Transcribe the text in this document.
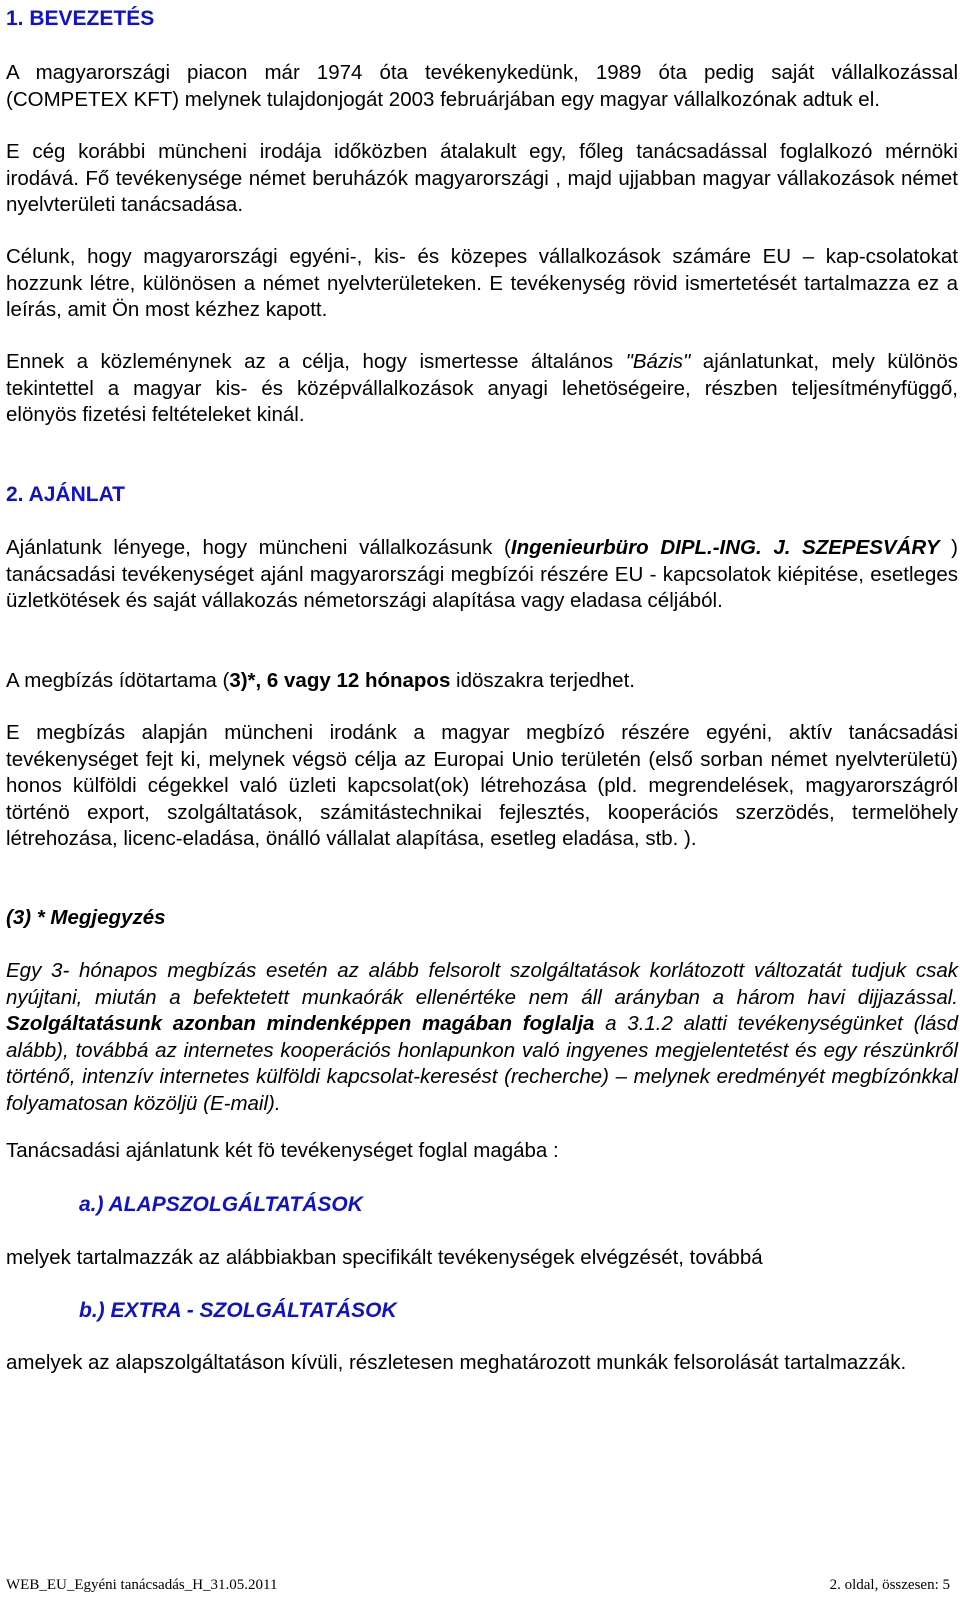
1. BEVEZETÉS

A magyarországi piacon már 1974 óta tevékenykedünk, 1989 óta pedig saját vállalkozással (COMPETEX KFT) melynek tulajdonjogát 2003 februárjában egy magyar vállalkozónak adtuk el.

E cég korábbi müncheni irodája időközben átalakult egy, főleg tanácsadással foglalkozó mérnöki irodává. Fő tevékenysége német beruházók magyarországi , majd ujjabban magyar vállakozások német nyelvterületi tanácsadása.

Célunk, hogy magyarországi egyéni-, kis- és közepes vállalkozások számáre EU – kap-csolatokat hozzunk létre, különösen a német nyelvterületeken. E tevékenység rövid ismertetését tartalmazza ez a leírás, amit Ön most kézhez kapott.

Ennek a közleménynek az a célja, hogy ismertesse általános "Bázis" ajánlatunkat, mely különös tekintettel a magyar kis- és középvállalkozások anyagi lehetöségeire, részben teljesítményfüggő, elönyös fizetési feltételeket kinál.

2. AJÁNLAT

Ajánlatunk lényege, hogy müncheni vállalkozásunk (Ingenieurbüro DIPL.-ING. J. SZEPESVÁRY ) tanácsadási tevékenységet ajánl magyarországi megbízói részére EU - kapcsolatok kiépitése, esetleges üzletkötések és saját vállakozás németországi alapítása vagy eladasa céljából.

A megbízás ídötartama (3)*, 6 vagy 12 hónapos idöszakra terjedhet.

E megbízás alapján müncheni irodánk a magyar megbízó részére egyéni, aktív tanácsadási tevékenységet fejt ki, melynek végsö célja az Europai Unio területén (első sorban német nyelvterületü) honos külföldi cégekkel való üzleti kapcsolat(ok) létrehozása (pld. megrendelések, magyarországról történö export, szolgáltatások, számitástechnikai fejlesztés, kooperációs szerzödés, termelöhely létrehozása, licenc-eladása, önálló vállalat alapítása, esetleg eladása, stb. ).

(3) * Megjegyzés

Egy 3- hónapos megbízás esetén az alább felsorolt szolgáltatások korlátozott változatát tudjuk csak nyújtani, miután a befektetett munkaórák ellenértéke nem áll arányban a három havi dijjazással. Szolgáltatásunk azonban mindenképpen magában foglalja a 3.1.2 alatti tevékenységünket (lásd alább), továbbá az internetes kooperációs honlapunkon való ingyenes megjelentetést és egy részünkről történő, intenzív internetes külföldi kapcsolat-keresést (recherche) – melynek eredményét megbízónkkal folyamatosan közöljü (E-mail).

Tanácsadási ajánlatunk két fö tevékenységet foglal magába :

a.) ALAPSZOLGÁLTATÁSOK

melyek tartalmazzák az alábbiakban specifikált tevékenységek elvégzését, továbbá

b.) EXTRA - SZOLGÁLTATÁSOK

amelyek az alapszolgáltatáson kívüli, részletesen meghatározott munkák felsorolását tartalmazzák.

WEB_EU_Egyéni tanácsadás_H_31.05.2011	2. oldal, összesen: 5
